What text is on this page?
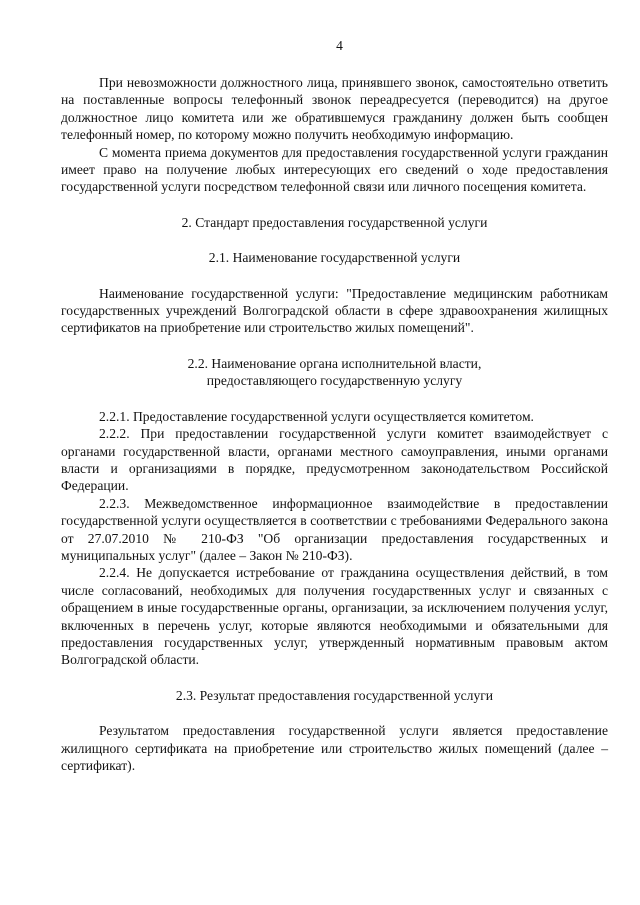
4

При невозможности должностного лица, принявшего звонок, самостоятельно ответить на поставленные вопросы телефонный звонок переадресуется (переводится) на другое должностное лицо комитета или же обратившемуся гражданину должен быть сообщен телефонный номер, по которому можно получить необходимую информацию.

С момента приема документов для предоставления государственной услуги гражданин имеет право на получение любых интересующих его сведений о ходе предоставления государственной услуги посредством телефонной связи или личного посещения комитета.

2. Стандарт предоставления государственной услуги
2.1. Наименование государственной услуги

Наименование государственной услуги: "Предоставление медицинским работникам государственных учреждений Волгоградской области в сфере здравоохранения жилищных сертификатов на приобретение или строительство жилых помещений".

2.2. Наименование органа исполнительной власти,
предоставляющего государственную услугу

2.2.1. Предоставление государственной услуги осуществляется комитетом.

2.2.2. При предоставлении государственной услуги комитет взаимодействует с органами государственной власти, органами местного самоуправления, иными органами власти и организациями в порядке, предусмотренном законодательством Российской Федерации.

2.2.3. Межведомственное информационное взаимодействие в предоставлении государственной услуги осуществляется в соответствии с требованиями Федерального закона от 27.07.2010 № 210-ФЗ "Об организации предоставления государственных и муниципальных услуг" (далее – Закон № 210-ФЗ).

2.2.4. Не допускается истребование от гражданина осуществления действий, в том числе согласований, необходимых для получения государственных услуг и связанных с обращением в иные государственные органы, организации, за исключением получения услуг, включенных в перечень услуг, которые являются необходимыми и обязательными для предоставления государственных услуг, утвержденный нормативным правовым актом Волгоградской области.

2.3. Результат предоставления государственной услуги

Результатом предоставления государственной услуги является предоставление жилищного сертификата на приобретение или строительство жилых помещений (далее – сертификат).
